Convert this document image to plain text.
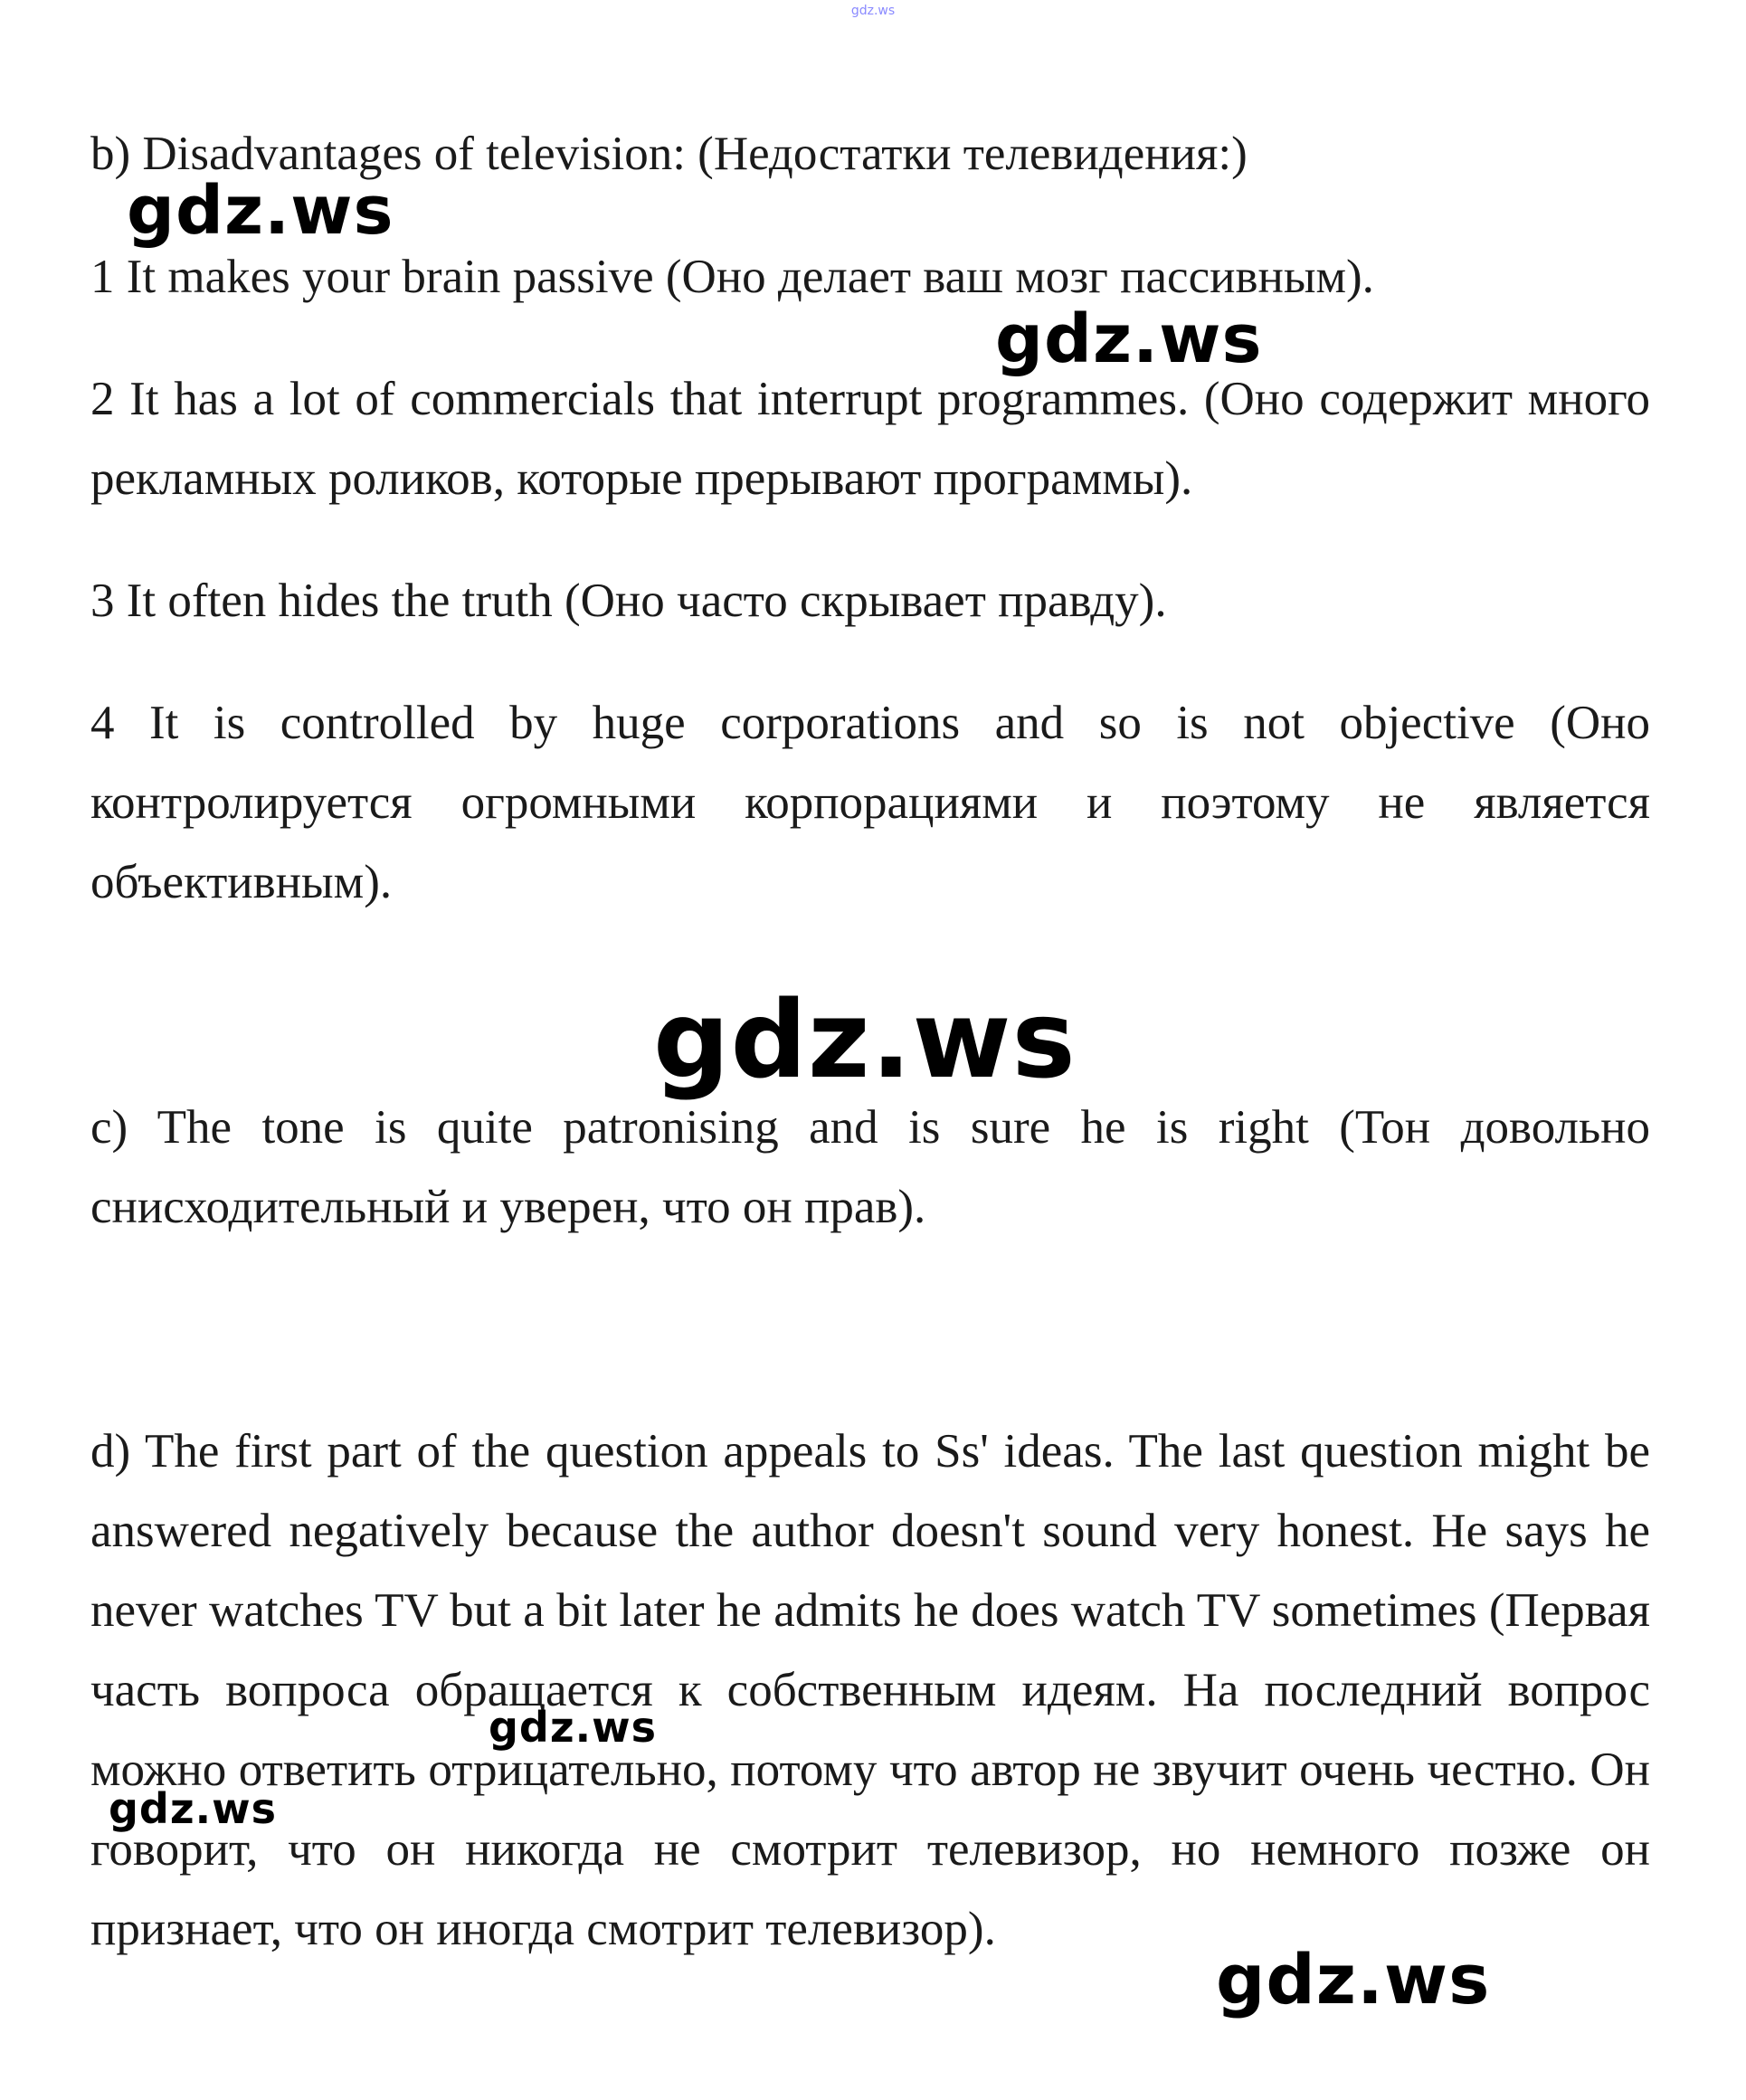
gdz.ws

b) Disadvantages of television: (Недостатки телевидения:)

1 It makes your brain passive (Оно делает ваш мозг пассивным).

2 It has a lot of commercials that interrupt programmes. (Оно содержит много рекламных роликов, которые прерывают программы).

3 It often hides the truth (Оно часто скрывает правду).

4 It is controlled by huge corporations and so is not objective (Оно контролируется огромными корпорациями и поэтому не является объективным).

c) The tone is quite patronising and is sure he is right (Тон довольно снисходительный и уверен, что он прав).

d) The first part of the question appeals to Ss' ideas. The last question might be answered negatively because the author doesn't sound very honest. He says he never watches TV but a bit later he admits he does watch TV sometimes (Первая часть вопроса обращается к собственным идеям. На последний вопрос можно ответить отрицательно, потому что автор не звучит очень честно. Он говорит, что он никогда не смотрит телевизор, но немного позже он признает, что он иногда смотрит телевизор).

gdz.ws
gdz.ws
gdz.ws
gdz.ws
gdz.ws
gdz.ws
